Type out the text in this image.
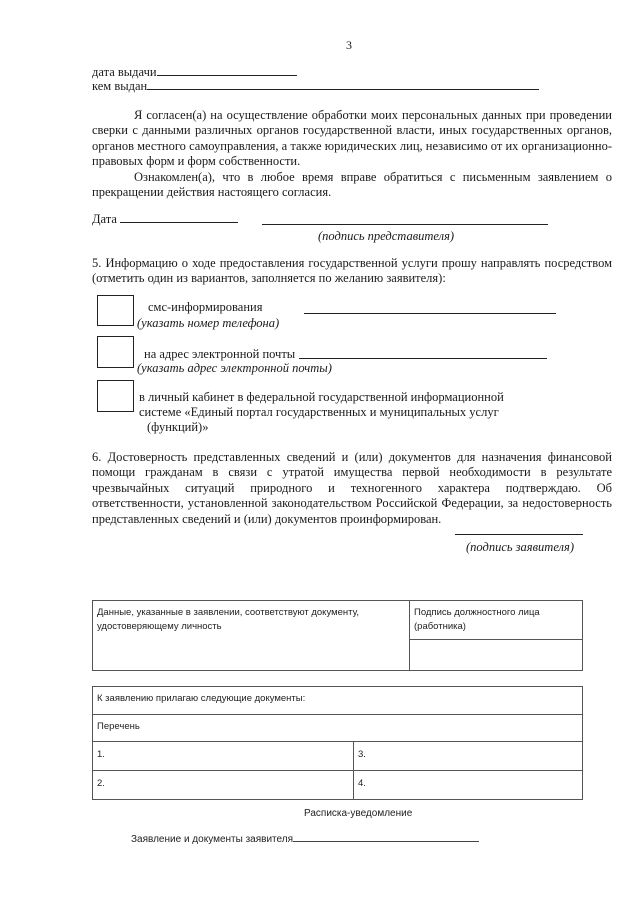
3
дата выдачи
кем выдан
Я согласен(а) на осуществление обработки моих персональных данных при проведении сверки с данными различных органов государственной власти, иных государственных органов, органов местного самоуправления, а также юридических лиц, независимо от их организационно-правовых форм и форм собственности.
Ознакомлен(а), что в любое время вправе обратиться с письменным заявлением о прекращении действия настоящего согласия.
Дата
(подпись представителя)
5. Информацию о ходе предоставления государственной услуги прошу направлять посредством (отметить один из вариантов, заполняется по желанию заявителя):
смс-информирования
(указать номер телефона)
на адрес электронной почты
(указать адрес электронной почты)
в личный кабинет в федеральной государственной информационной
системе «Единый портал государственных и муниципальных услуг
(функций)»
6. Достоверность представленных сведений и (или) документов для назначения финансовой помощи гражданам в связи с утратой имущества первой необходимости в результате чрезвычайных ситуаций природного и техногенного характера подтверждаю. Об ответственности, установленной законодательством Российской Федерации, за недостоверность представленных сведений и (или) документов проинформирован.
(подпись заявителя)
Данные, указанные в заявлении, соответствуют документу, удостоверяющему личность	Подпись должностного лица (работника)
К заявлению прилагаю следующие документы:	
Перечень	
1.	3.
2.	4.
Расписка-уведомление
Заявление и документы заявителя
